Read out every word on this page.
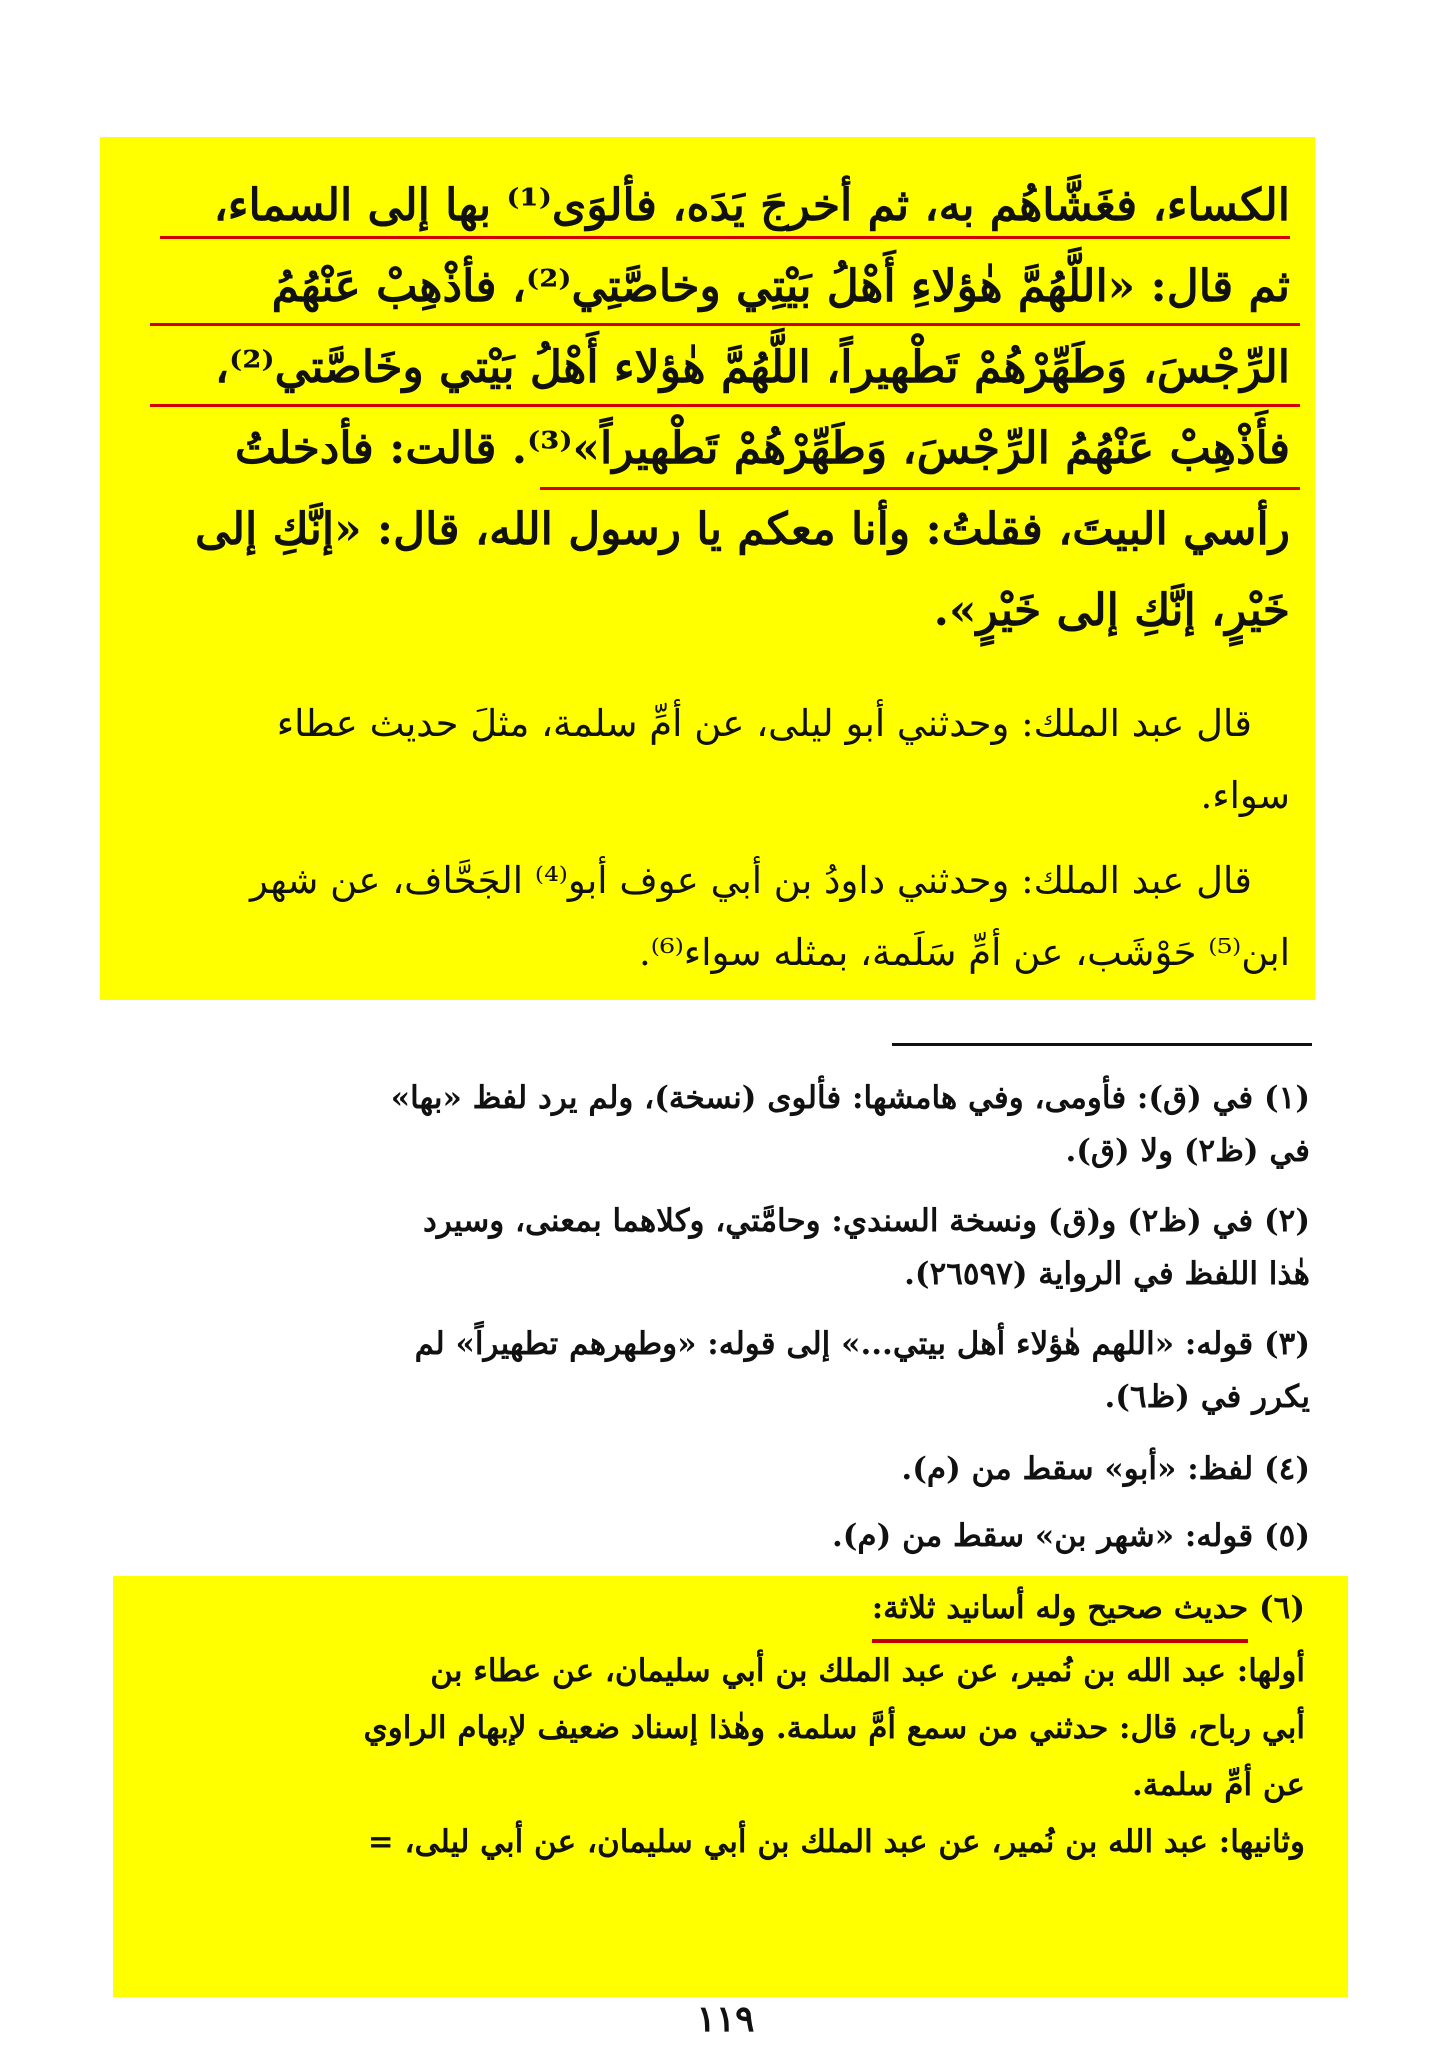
الكساء، فغَشَّاهُم به، ثم أخرجَ يَدَه، فألوَى⁽¹⁾ بها إلى السماء،
ثم قال: «اللَّهُمَّ هٰؤلاءِ أَهْلُ بَيْتِي وخاصَّتِي⁽²⁾، فأذْهِبْ عَنْهُمُ
الرِّجْسَ، وَطَهِّرْهُمْ تَطْهيراً، اللَّهُمَّ هٰؤلاء أَهْلُ بَيْتي وخَاصَّتي⁽²⁾،
فأَذْهِبْ عَنْهُمُ الرِّجْسَ، وَطَهِّرْهُمْ تَطْهيراً»⁽³⁾. قالت: فأدخلتُ
رأسي البيتَ، فقلتُ: وأنا معكم يا رسول الله، قال: «إنَّكِ إلى
خَيْرٍ، إنَّكِ إلى خَيْرٍ».
قال عبد الملك: وحدثني أبو ليلى، عن أمِّ سلمة، مثلَ حديث عطاء
سواء.
قال عبد الملك: وحدثني داودُ بن أبي عوف أبو⁽⁴⁾ الجَحَّاف، عن شهر
ابن⁽⁵⁾ حَوْشَب، عن أمِّ سَلَمة، بمثله سواء⁽⁶⁾.
(١) في (ق): فأومى، وفي هامشها: فألوى (نسخة)، ولم يرد لفظ «بها»
في (ظ٢) ولا (ق).
(٢) في (ظ٢) و(ق) ونسخة السندي: وحامَّتي، وكلاهما بمعنى، وسيرد
هٰذا اللفظ في الرواية (٢٦٥٩٧).
(٣) قوله: «اللهم هٰؤلاء أهل بيتي...» إلى قوله: «وطهرهم تطهيراً» لم
يكرر في (ظ٦).
(٤) لفظ: «أبو» سقط من (م).
(٥) قوله: «شهر بن» سقط من (م).
(٦) حديث صحيح وله أسانيد ثلاثة:
أولها: عبد الله بن نُمير، عن عبد الملك بن أبي سليمان، عن عطاء بن
أبي رباح، قال: حدثني من سمع أمَّ سلمة. وهٰذا إسناد ضعيف لإبهام الراوي
عن أمِّ سلمة.
وثانيها: عبد الله بن نُمير، عن عبد الملك بن أبي سليمان، عن أبي ليلى، =
١١٩
